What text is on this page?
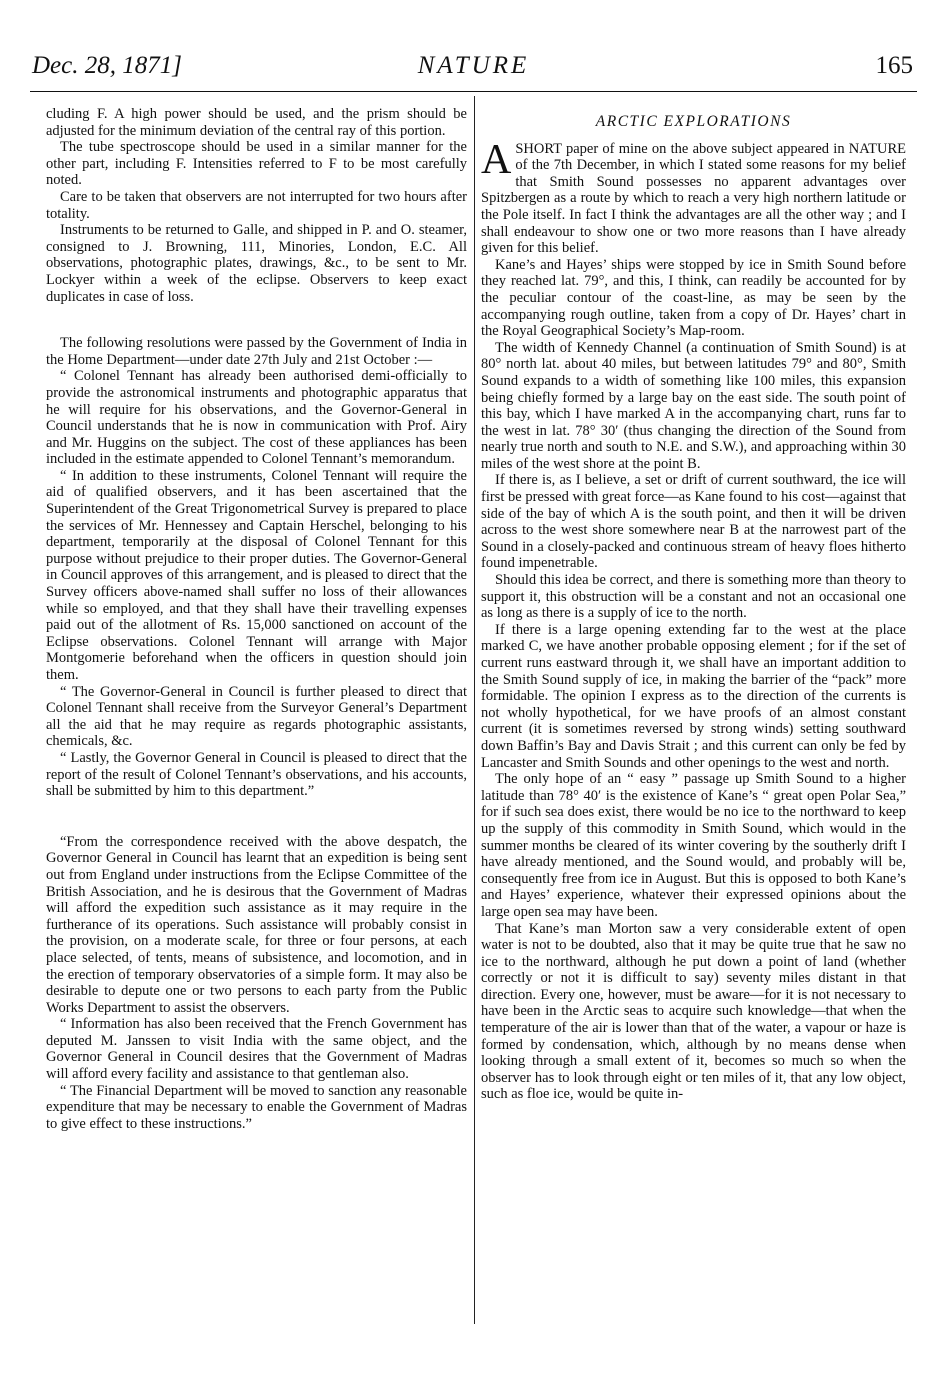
Dec. 28, 1871]	NATURE	165

cluding F. A high power should be used, and the prism should be adjusted for the minimum deviation of the central ray of this portion.

The tube spectroscope should be used in a similar manner for the other part, including F. Intensities referred to F to be most carefully noted.

Care to be taken that observers are not interrupted for two hours after totality.

Instruments to be returned to Galle, and shipped in P. and O. steamer, consigned to J. Browning, 111, Minories, London, E.C. All observations, photographic plates, drawings, &c., to be sent to Mr. Lockyer within a week of the eclipse. Observers to keep exact duplicates in case of loss.

The following resolutions were passed by the Government of India in the Home Department—under date 27th July and 21st October :—

“ Colonel Tennant has already been authorised demi-officially to provide the astronomical instruments and photographic apparatus that he will require for his observations, and the Governor-General in Council understands that he is now in communication with Prof. Airy and Mr. Huggins on the subject. The cost of these appliances has been included in the estimate appended to Colonel Tennant’s memorandum.

“ In addition to these instruments, Colonel Tennant will require the aid of qualified observers, and it has been ascertained that the Superintendent of the Great Trigonometrical Survey is prepared to place the services of Mr. Hennessey and Captain Herschel, belonging to his department, temporarily at the disposal of Colonel Tennant for this purpose without prejudice to their proper duties. The Governor-General in Council approves of this arrangement, and is pleased to direct that the Survey officers above-named shall suffer no loss of their allowances while so employed, and that they shall have their travelling expenses paid out of the allotment of Rs. 15,000 sanctioned on account of the Eclipse observations. Colonel Tennant will arrange with Major Montgomerie beforehand when the officers in question should join them.

“ The Governor-General in Council is further pleased to direct that Colonel Tennant shall receive from the Surveyor General’s Department all the aid that he may require as regards photographic assistants, chemicals, &c.

“ Lastly, the Governor General in Council is pleased to direct that the report of the result of Colonel Tennant’s observations, and his accounts, shall be submitted by him to this department.”

“From the correspondence received with the above despatch, the Governor General in Council has learnt that an expedition is being sent out from England under instructions from the Eclipse Committee of the British Association, and he is desirous that the Government of Madras will afford the expedition such assistance as it may require in the furtherance of its operations. Such assistance will probably consist in the provision, on a moderate scale, for three or four persons, at each place selected, of tents, means of subsistence, and locomotion, and in the erection of temporary observatories of a simple form. It may also be desirable to depute one or two persons to each party from the Public Works Department to assist the observers.

“ Information has also been received that the French Government has deputed M. Janssen to visit India with the same object, and the Governor General in Council desires that the Government of Madras will afford every facility and assistance to that gentleman also.

“ The Financial Department will be moved to sanction any reasonable expenditure that may be necessary to enable the Government of Madras to give effect to these instructions.”

ARCTIC EXPLORATIONS

ASHORT paper of mine on the above subject appeared in NATURE of the 7th December, in which I stated some reasons for my belief that Smith Sound possesses no apparent advantages over Spitzbergen as a route by which to reach a very high northern latitude or the Pole itself. In fact I think the advantages are all the other way ; and I shall endeavour to show one or two more reasons than I have already given for this belief.

Kane’s and Hayes’ ships were stopped by ice in Smith Sound before they reached lat. 79°, and this, I think, can readily be accounted for by the peculiar contour of the coast-line, as may be seen by the accompanying rough outline, taken from a copy of Dr. Hayes’ chart in the Royal Geographical Society’s Map-room.

The width of Kennedy Channel (a continuation of Smith Sound) is at 80° north lat. about 40 miles, but between latitudes 79° and 80°, Smith Sound expands to a width of something like 100 miles, this expansion being chiefly formed by a large bay on the east side. The south point of this bay, which I have marked A in the accompanying chart, runs far to the west in lat. 78° 30′ (thus changing the direction of the Sound from nearly true north and south to N.E. and S.W.), and approaching within 30 miles of the west shore at the point B.

If there is, as I believe, a set or drift of current southward, the ice will first be pressed with great force—as Kane found to his cost—against that side of the bay of which A is the south point, and then it will be driven across to the west shore somewhere near B at the narrowest part of the Sound in a closely-packed and continuous stream of heavy floes hitherto found impenetrable.

Should this idea be correct, and there is something more than theory to support it, this obstruction will be a constant and not an occasional one as long as there is a supply of ice to the north.

If there is a large opening extending far to the west at the place marked C, we have another probable opposing element ; for if the set of current runs eastward through it, we shall have an important addition to the Smith Sound supply of ice, in making the barrier of the “pack” more formidable. The opinion I express as to the direction of the currents is not wholly hypothetical, for we have proofs of an almost constant current (it is sometimes reversed by strong winds) setting southward down Baffin’s Bay and Davis Strait ; and this current can only be fed by Lancaster and Smith Sounds and other openings to the west and north.

The only hope of an “ easy ” passage up Smith Sound to a higher latitude than 78° 40′ is the existence of Kane’s “ great open Polar Sea,” for if such sea does exist, there would be no ice to the northward to keep up the supply of this commodity in Smith Sound, which would in the summer months be cleared of its winter covering by the southerly drift I have already mentioned, and the Sound would, and probably will be, consequently free from ice in August. But this is opposed to both Kane’s and Hayes’ experience, whatever their expressed opinions about the large open sea may have been.

That Kane’s man Morton saw a very considerable extent of open water is not to be doubted, also that it may be quite true that he saw no ice to the northward, although he put down a point of land (whether correctly or not it is difficult to say) seventy miles distant in that direction. Every one, however, must be aware—for it is not necessary to have been in the Arctic seas to acquire such knowledge—that when the temperature of the air is lower than that of the water, a vapour or haze is formed by condensation, which, although by no means dense when looking through a small extent of it, becomes so much so when the observer has to look through eight or ten miles of it, that any low object, such as floe ice, would be quite in-
